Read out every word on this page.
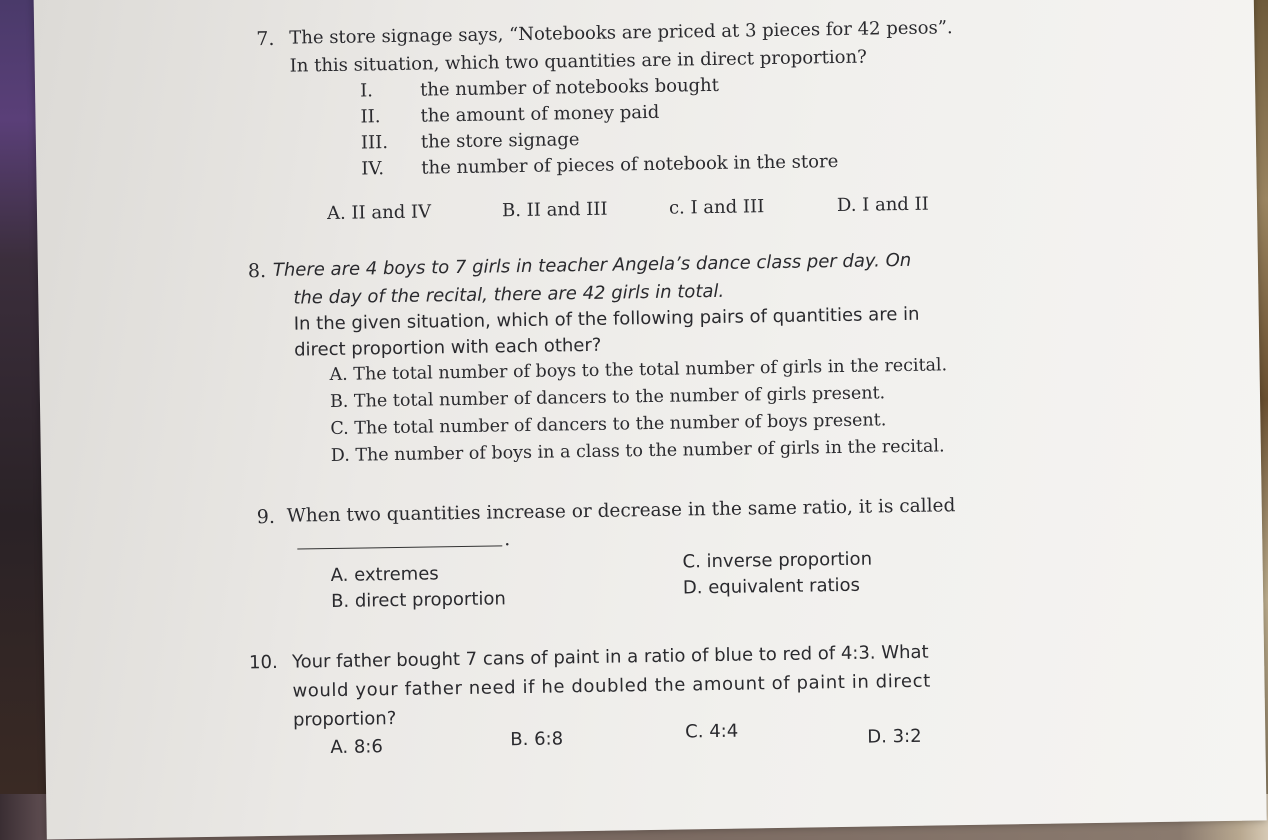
7. The store signage says, “Notebooks are priced at 3 pieces for 42 pesos”.
In this situation, which two quantities are in direct proportion?
I.	the number of notebooks bought
II. the amount of money paid
III. the store signage
IV. the number of pieces of notebook in the store
A. II and IV	B. II and III	c. I and III	D. I and II
8. There are 4 boys to 7 girls in teacher Angela’s dance class per day. On
the day of the recital, there are 42 girls in total.
In the given situation, which of the following pairs of quantities are in
direct proportion with each other?
A. The total number of boys to the total number of girls in the recital.
B. The total number of dancers to the number of girls present.
C. The total number of dancers to the number of boys present.
D. The number of boys in a class to the number of girls in the recital.
9. When two quantities increase or decrease in the same ratio, it is called
.
A. extremes
B. direct proportion
C. inverse proportion
D. equivalent ratios
10. Your father bought 7 cans of paint in a ratio of blue to red of 4:3. What
would your father need if he doubled the amount of paint in direct
proportion?
A. 8:6	B. 6:8	C. 4:4	D. 3:2
